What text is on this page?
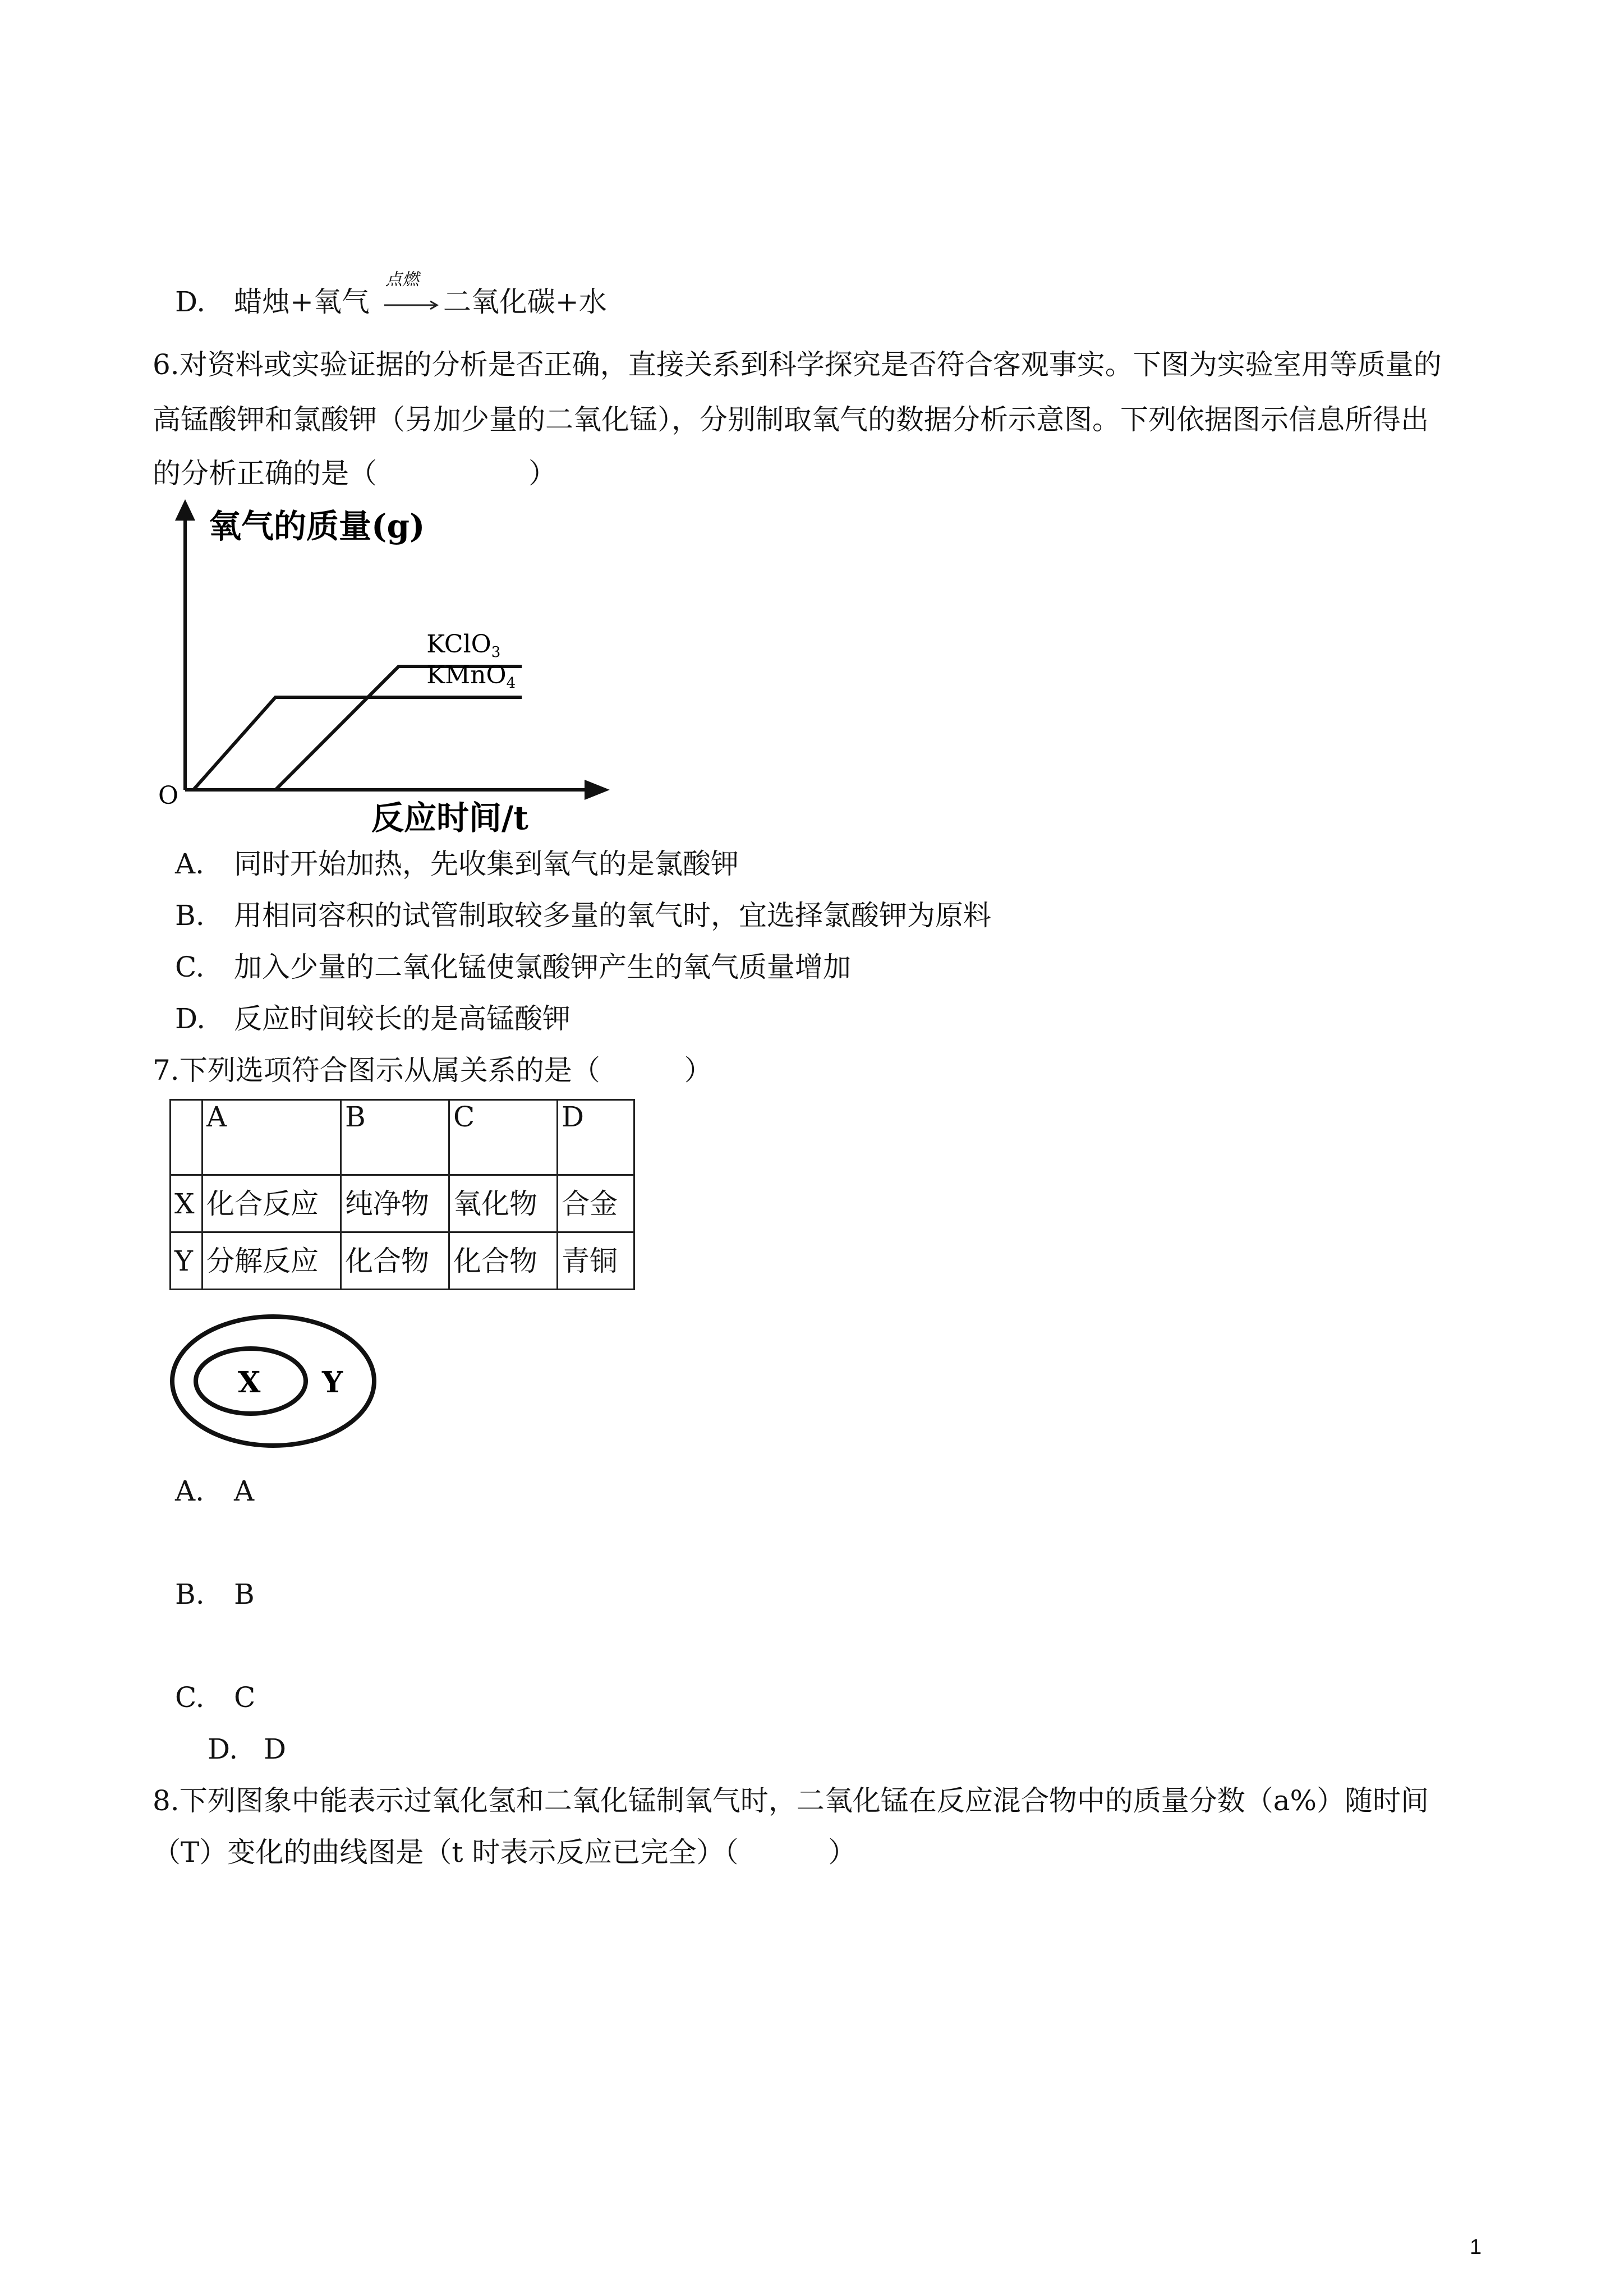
D. 蜡烛+氧气
点燃
二氧化碳+水
6.对资料或实验证据的分析是否正确，直接关系到科学探究是否符合客观事实。下图为实验室用等质量的
高锰酸钾和氯酸钾（另加少量的二氧化锰），分别制取氧气的数据分析示意图。下列依据图示信息所得出
的分析正确的是（	）
氧气的质量(g)
反应时间/t
O
KClO3
KMnO4
A. 同时开始加热，先收集到氧气的是氯酸钾
B. 用相同容积的试管制取较多量的氧气时，宜选择氯酸钾为原料
C. 加入少量的二氧化锰使氯酸钾产生的氧气质量增加
D. 反应时间较长的是高锰酸钾
7.下列选项符合图示从属关系的是（	）
	A	B	C	D
X	化合反应	纯净物	氧化物	合金
Y	分解反应	化合物	化合物	青铜
X Y
A. A
B. B
C. C
D. D
8.下列图象中能表示过氧化氢和二氧化锰制氧气时，二氧化锰在反应混合物中的质量分数（a%）随时间
（T）变化的曲线图是（t 时表示反应已完全）（	）
1
